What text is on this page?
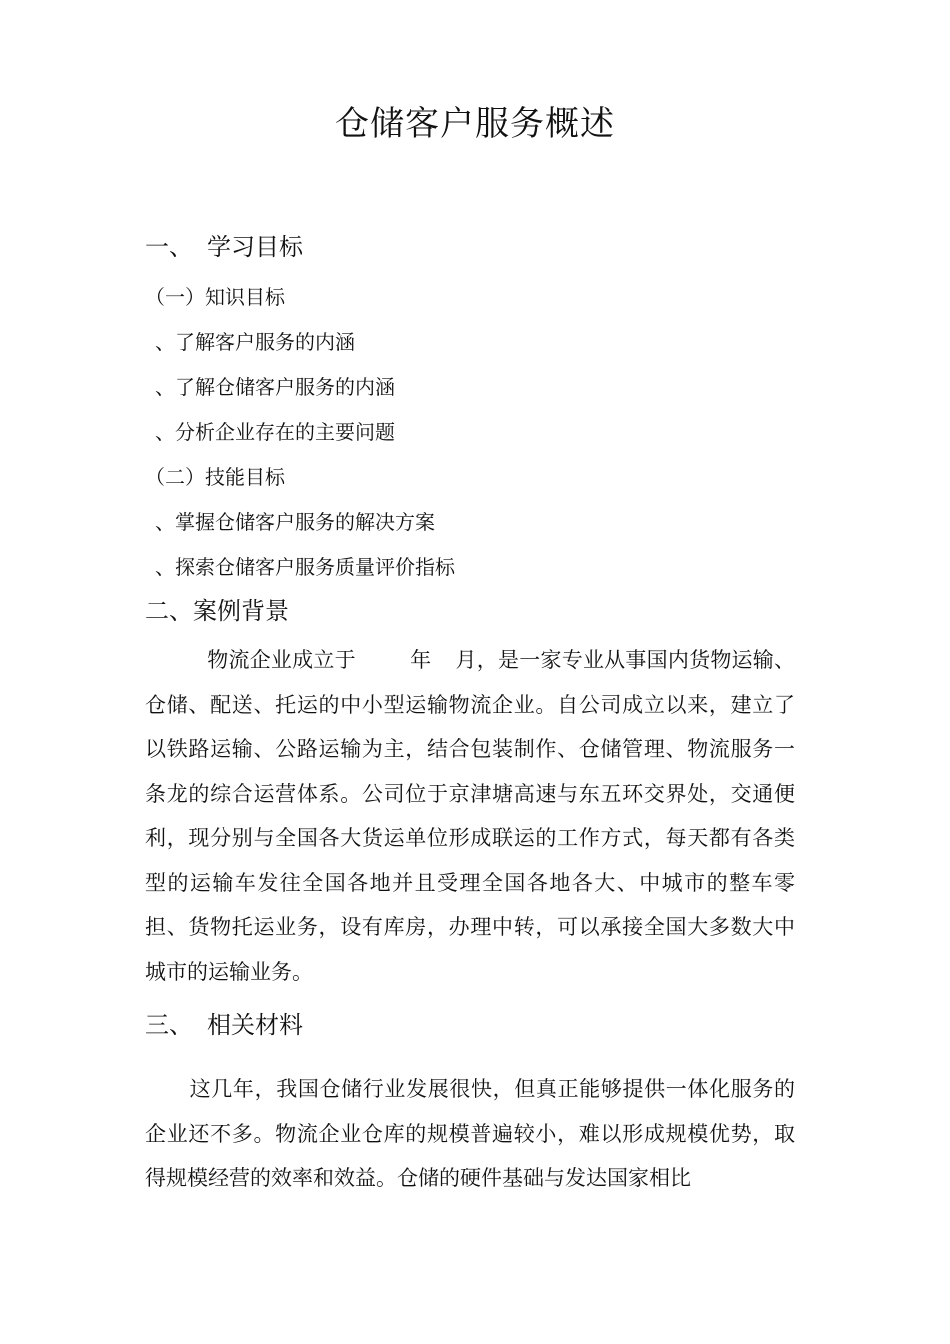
仓储客户服务概述
一、 学习目标
（一）知识目标
、了解客户服务的内涵
、了解仓储客户服务的内涵
、分析企业存在的主要问题
（二）技能目标
、掌握仓储客户服务的解决方案
、探索仓储客户服务质量评价指标
二、案例背景

物流企业成立于	年 月，是一家专业从事国内货物运输、仓储、配送、托运的中小型运输物流企业。自公司成立以来，建立了以铁路运输、公路运输为主，结合包装制作、仓储管理、物流服务一条龙的综合运营体系。公司位于京津塘高速与东五环交界处，交通便利，现分别与全国各大货运单位形成联运的工作方式，每天都有各类型的运输车发往全国各地并且受理全国各地各大、中城市的整车零担、货物托运业务，设有库房，办理中转，可以承接全国大多数大中城市的运输业务。

三、 相关材料

这几年，我国仓储行业发展很快，但真正能够提供一体化服务的企业还不多。物流企业仓库的规模普遍较小，难以形成规模优势，取得规模经营的效率和效益。仓储的硬件基础与发达国家相比
